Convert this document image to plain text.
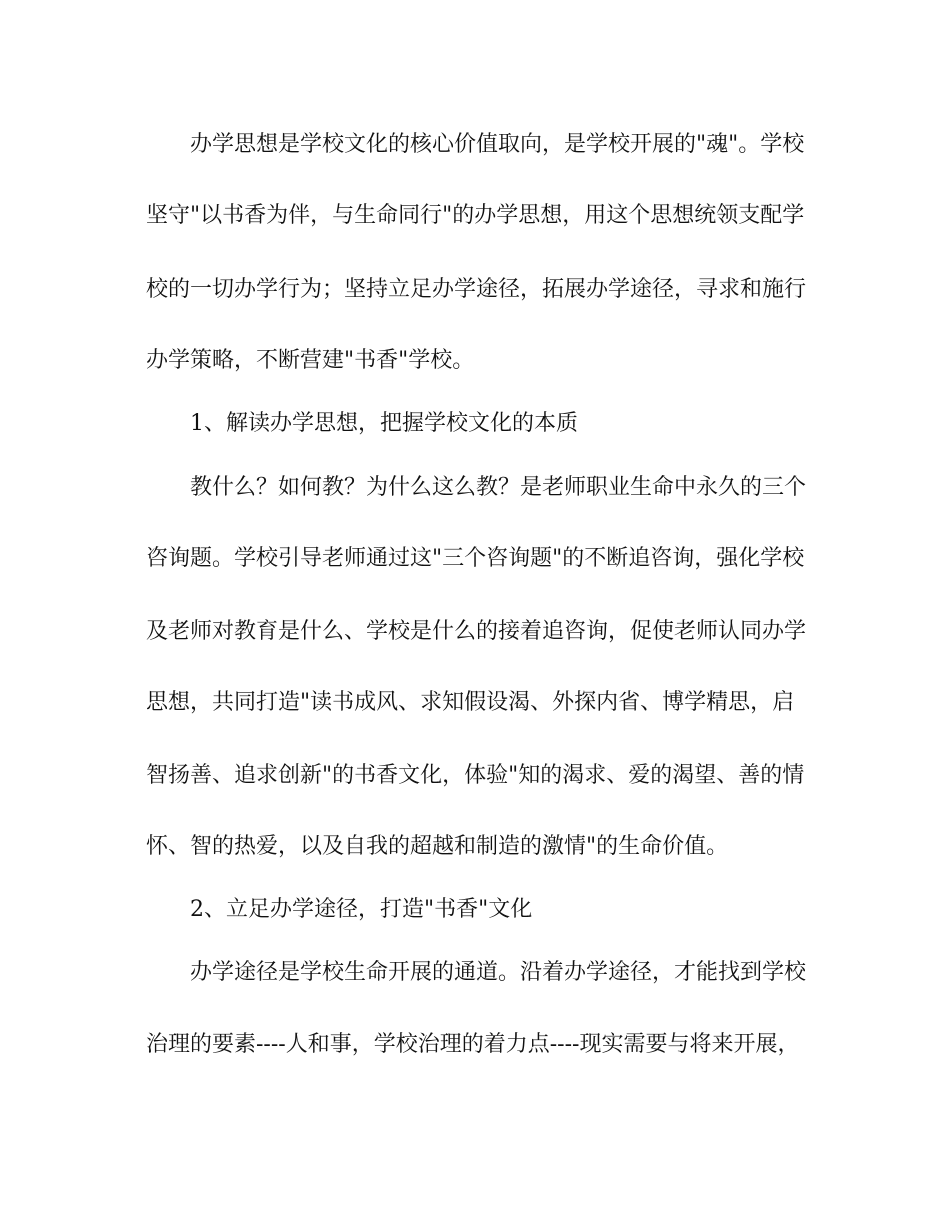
办学思想是学校文化的核心价值取向，是学校开展的"魂"。学校
坚守"以书香为伴，与生命同行"的办学思想，用这个思想统领支配学
校的一切办学行为；坚持立足办学途径，拓展办学途径，寻求和施行
办学策略，不断营建"书香"学校。
1、解读办学思想，把握学校文化的本质
教什么？如何教？为什么这么教？是老师职业生命中永久的三个
咨询题。学校引导老师通过这"三个咨询题"的不断追咨询，强化学校
及老师对教育是什么、学校是什么的接着追咨询，促使老师认同办学
思想，共同打造"读书成风、求知假设渴、外探内省、博学精思，启
智扬善、追求创新"的书香文化，体验"知的渴求、爱的渴望、善的情
怀、智的热爱，以及自我的超越和制造的激情"的生命价值。
2、立足办学途径，打造"书香"文化
办学途径是学校生命开展的通道。沿着办学途径，才能找到学校
治理的要素----人和事，学校治理的着力点----现实需要与将来开展，
